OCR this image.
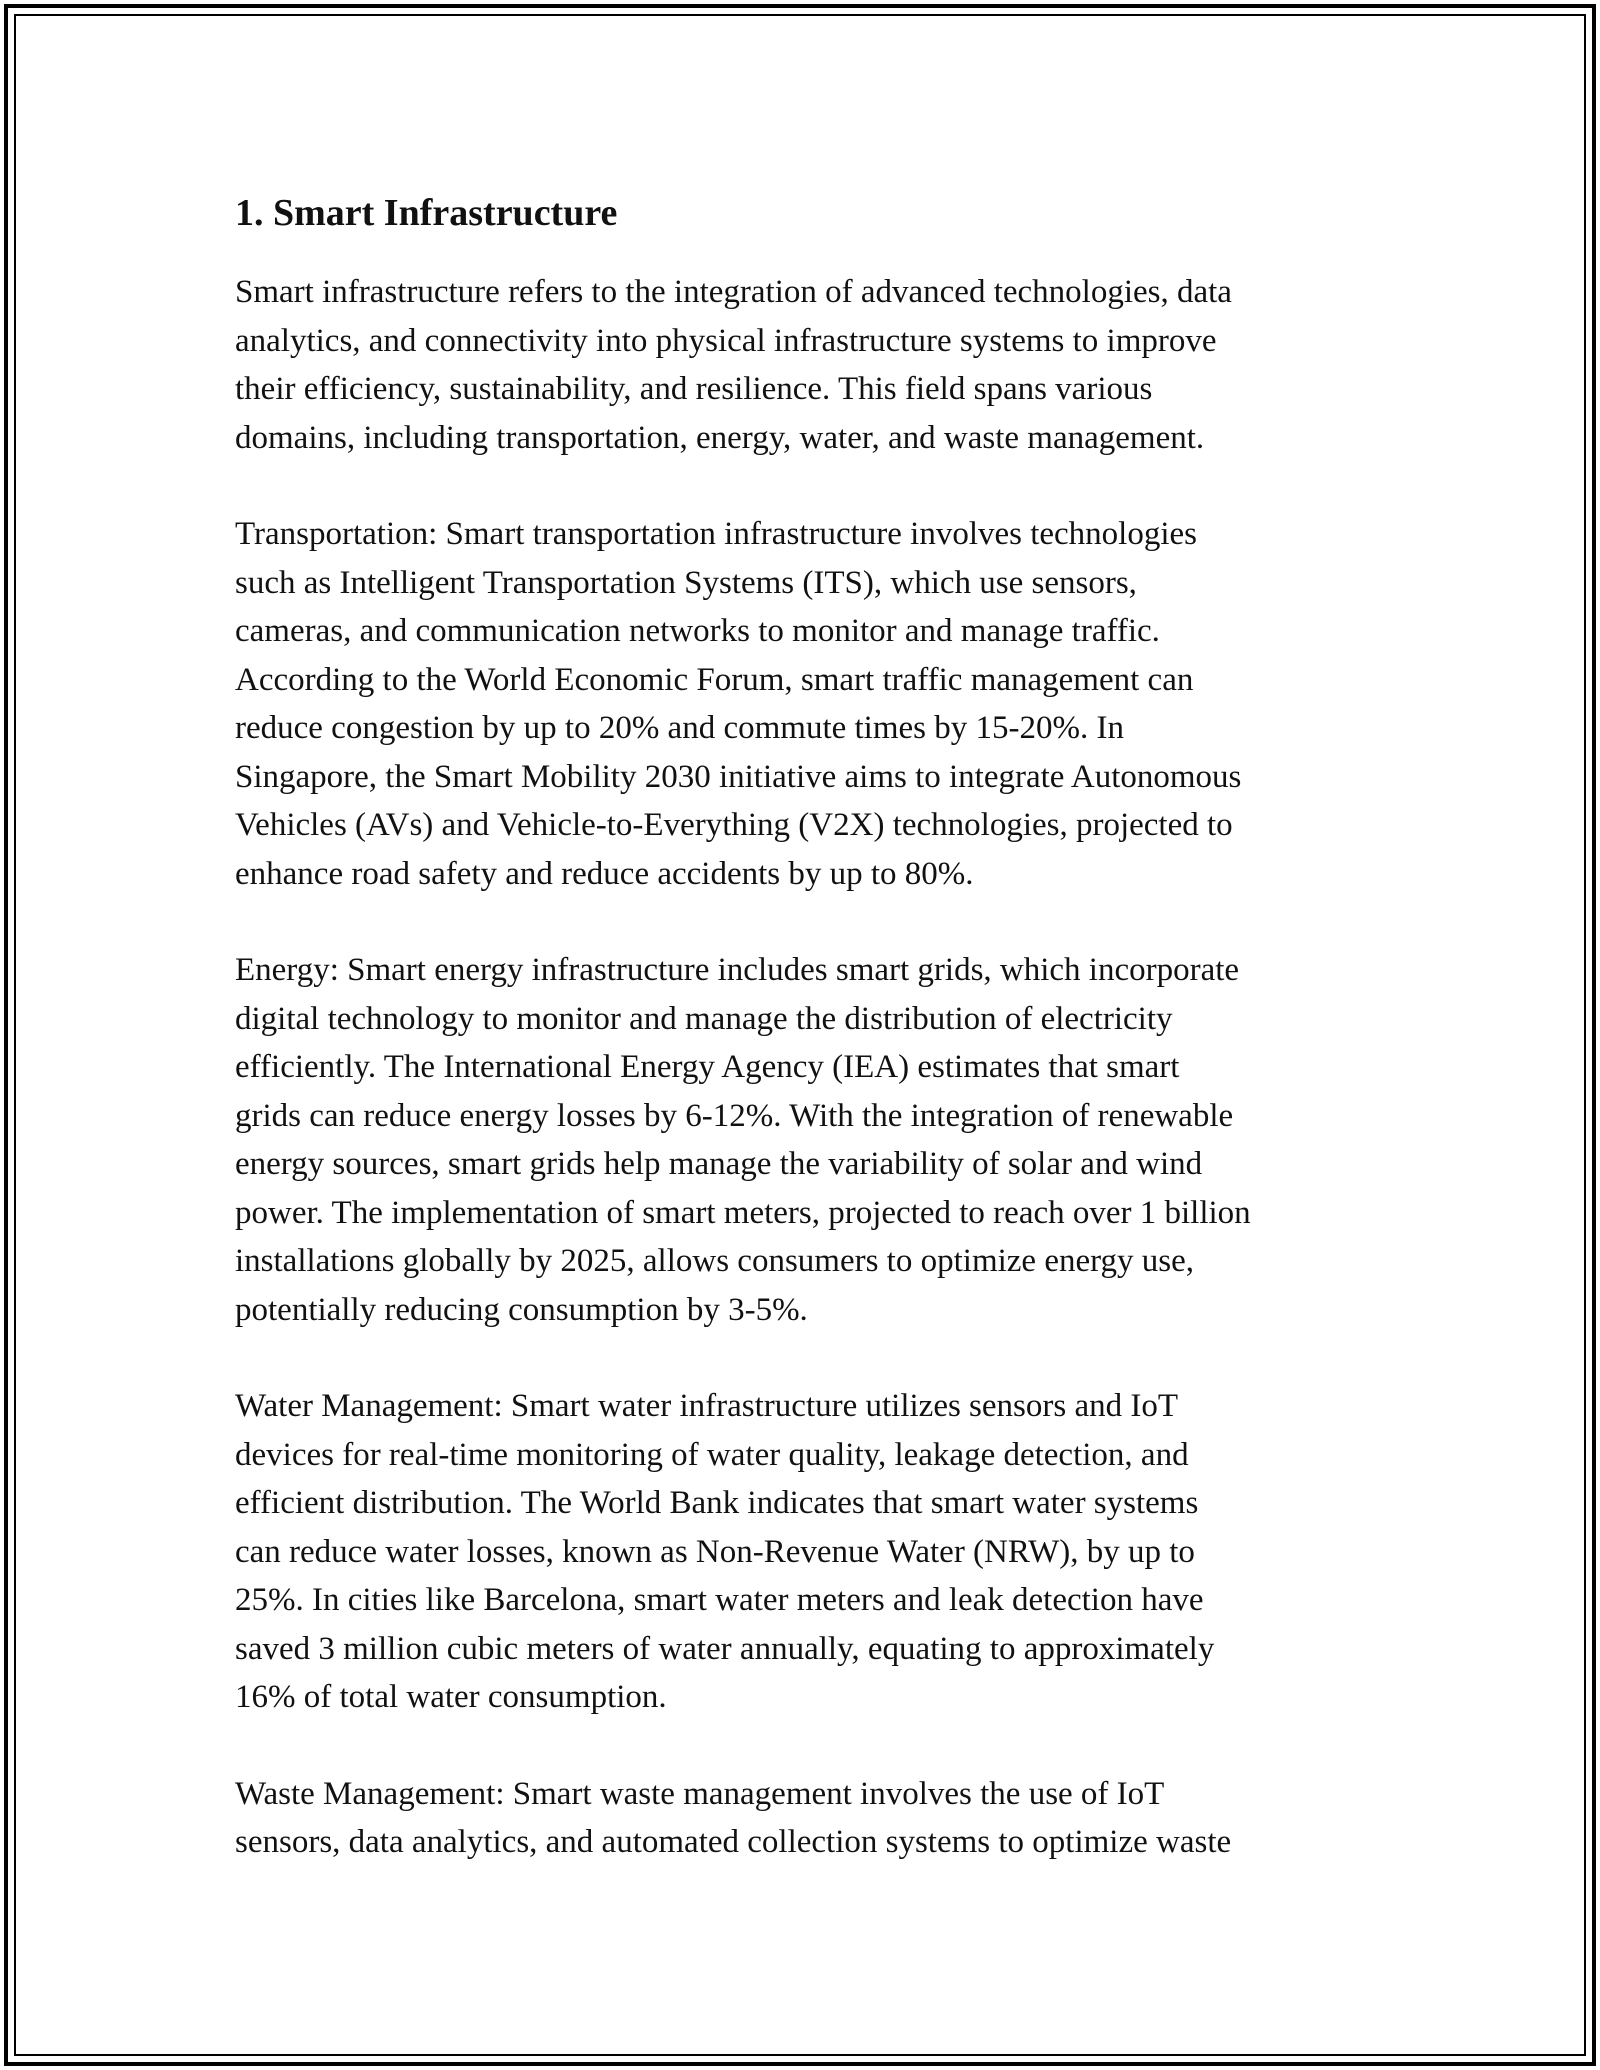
1. Smart Infrastructure

Smart infrastructure refers to the integration of advanced technologies, data
analytics, and connectivity into physical infrastructure systems to improve
their efficiency, sustainability, and resilience. This field spans various
domains, including transportation, energy, water, and waste management.

Transportation: Smart transportation infrastructure involves technologies
such as Intelligent Transportation Systems (ITS), which use sensors,
cameras, and communication networks to monitor and manage traffic.
According to the World Economic Forum, smart traffic management can
reduce congestion by up to 20% and commute times by 15-20%. In
Singapore, the Smart Mobility 2030 initiative aims to integrate Autonomous
Vehicles (AVs) and Vehicle-to-Everything (V2X) technologies, projected to
enhance road safety and reduce accidents by up to 80%.

Energy: Smart energy infrastructure includes smart grids, which incorporate
digital technology to monitor and manage the distribution of electricity
efficiently. The International Energy Agency (IEA) estimates that smart
grids can reduce energy losses by 6-12%. With the integration of renewable
energy sources, smart grids help manage the variability of solar and wind
power. The implementation of smart meters, projected to reach over 1 billion
installations globally by 2025, allows consumers to optimize energy use,
potentially reducing consumption by 3-5%.

Water Management: Smart water infrastructure utilizes sensors and IoT
devices for real-time monitoring of water quality, leakage detection, and
efficient distribution. The World Bank indicates that smart water systems
can reduce water losses, known as Non-Revenue Water (NRW), by up to
25%. In cities like Barcelona, smart water meters and leak detection have
saved 3 million cubic meters of water annually, equating to approximately
16% of total water consumption.

Waste Management: Smart waste management involves the use of IoT
sensors, data analytics, and automated collection systems to optimize waste
